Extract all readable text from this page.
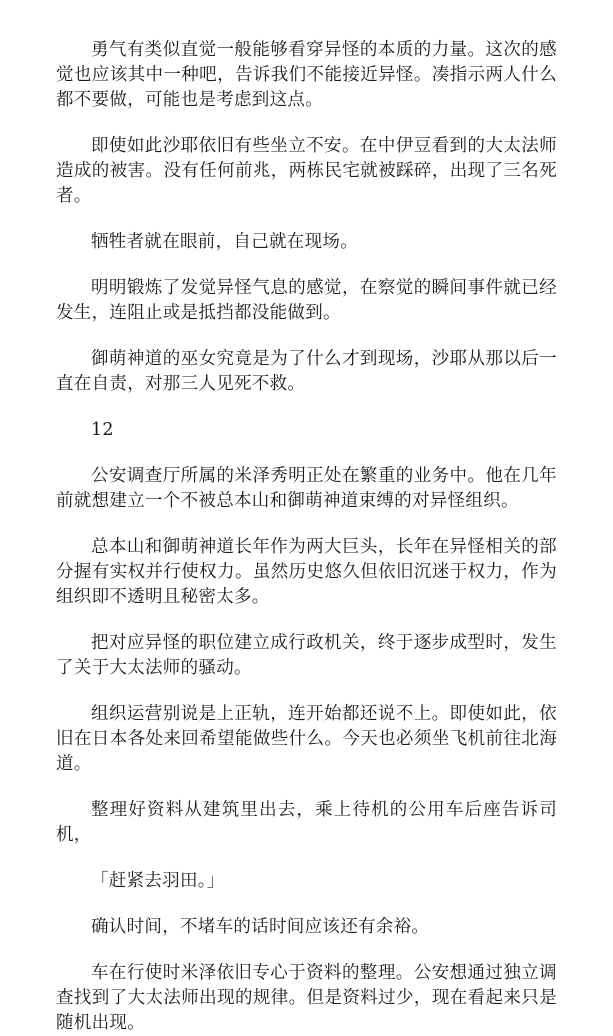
勇气有类似直觉一般能够看穿异怪的本质的力量。这次的感觉也应该其中一种吧，告诉我们不能接近异怪。凑指示两人什么都不要做，可能也是考虑到这点。

即使如此沙耶依旧有些坐立不安。在中伊豆看到的大太法师造成的被害。没有任何前兆，两栋民宅就被踩碎，出现了三名死者。

牺牲者就在眼前，自己就在现场。

明明锻炼了发觉异怪气息的感觉，在察觉的瞬间事件就已经发生，连阻止或是抵挡都没能做到。

御萌神道的巫女究竟是为了什么才到现场，沙耶从那以后一直在自责，对那三人见死不救。

12

公安调查厅所属的米泽秀明正处在繁重的业务中。他在几年前就想建立一个不被总本山和御萌神道束缚的对异怪组织。

总本山和御萌神道长年作为两大巨头，长年在异怪相关的部分握有实权并行使权力。虽然历史悠久但依旧沉迷于权力，作为组织即不透明且秘密太多。

把对应异怪的职位建立成行政机关，终于逐步成型时，发生了关于大太法师的骚动。

组织运营别说是上正轨，连开始都还说不上。即使如此，依旧在日本各处来回希望能做些什么。今天也必须坐飞机前往北海道。

整理好资料从建筑里出去，乘上待机的公用车后座告诉司机，

「赶紧去羽田。」

确认时间，不堵车的话时间应该还有余裕。

车在行使时米泽依旧专心于资料的整理。公安想通过独立调查找到了大太法师出现的规律。但是资料过少，现在看起来只是随机出现。
